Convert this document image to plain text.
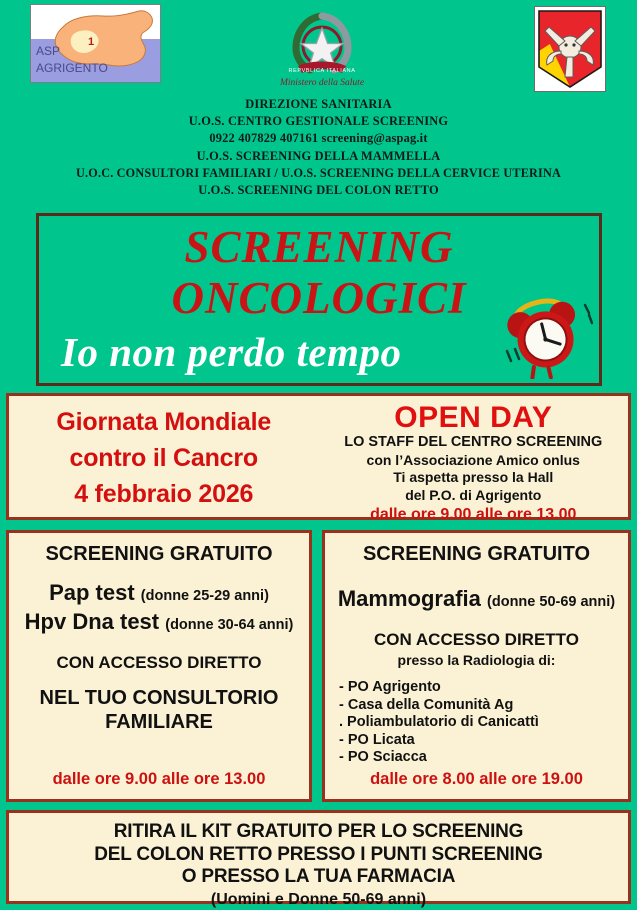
1
ASP
AGRIGENTO	REPVBLICA ITALIANA
Ministero della Salute
DIREZIONE SANITARIA
U.O.S. CENTRO GESTIONALE SCREENING
0922 407829 407161 screening@aspag.it
U.O.S. SCREENING DELLA MAMMELLA
U.O.C. CONSULTORI FAMILIARI / U.O.S. SCREENING DELLA CERVICE UTERINA
U.O.S. SCREENING DEL COLON RETTO
SCREENING
ONCOLOGICI
Io non perdo tempo
Giornata Mondiale
contro il Cancro
4 febbraio 2026
OPEN DAY
LO STAFF DEL CENTRO SCREENING
con l’Associazione Amico onlus
Ti aspetta presso la Hall
del P.O. di Agrigento
dalle ore 9.00 alle ore 13.00
SCREENING GRATUITO
Pap test (donne 25-29 anni)
Hpv Dna test (donne 30-64 anni)
CON ACCESSO DIRETTO
NEL TUO CONSULTORIO
FAMILIARE
dalle ore 9.00 alle ore 13.00
SCREENING GRATUITO
Mammografia (donne 50-69 anni)
CON ACCESSO DIRETTO
presso la Radiologia di:
- PO Agrigento
- Casa della Comunità Ag
. Poliambulatorio di Canicattì
- PO Licata
- PO Sciacca
dalle ore 8.00 alle ore 19.00
RITIRA IL KIT GRATUITO PER LO SCREENING
DEL COLON RETTO PRESSO I PUNTI SCREENING
O PRESSO LA TUA FARMACIA
(Uomini e Donne 50-69 anni)
